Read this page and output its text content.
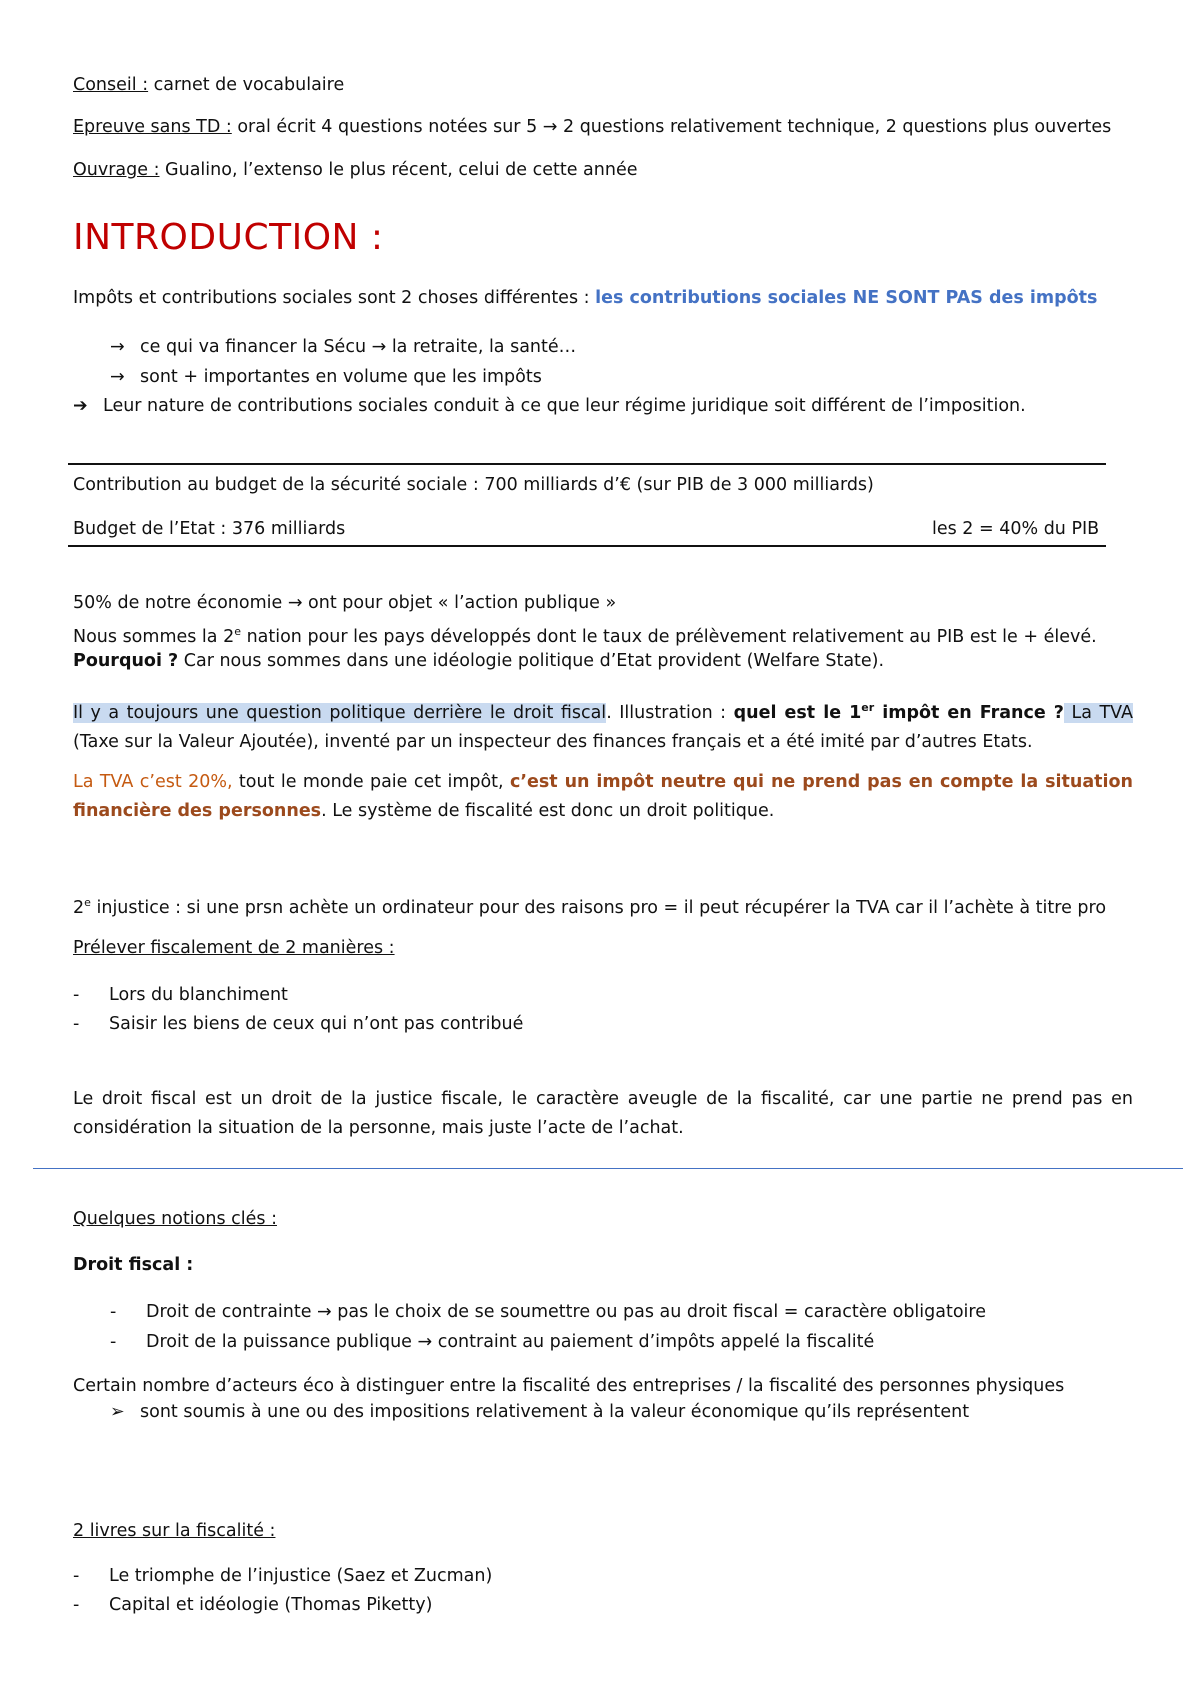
Conseil : carnet de vocabulaire
Epreuve sans TD : oral écrit 4 questions notées sur 5 → 2 questions relativement technique, 2 questions plus ouvertes
Ouvrage : Gualino, l’extenso le plus récent, celui de cette année
INTRODUCTION :
Impôts et contributions sociales sont 2 choses différentes : les contributions sociales NE SONT PAS des impôts
→ ce qui va financer la Sécu → la retraite, la santé…
→ sont + importantes en volume que les impôts
➔ Leur nature de contributions sociales conduit à ce que leur régime juridique soit différent de l’imposition.
Contribution au budget de la sécurité sociale : 700 milliards d’€ (sur PIB de 3 000 milliards)
Budget de l’Etat : 376 milliards	les 2 = 40% du PIB
50% de notre économie → ont pour objet « l’action publique »
Nous sommes la 2e nation pour les pays développés dont le taux de prélèvement relativement au PIB est le + élevé.
Pourquoi ? Car nous sommes dans une idéologie politique d’Etat provident (Welfare State).
Il y a toujours une question politique derrière le droit fiscal. Illustration : quel est le 1er impôt en France ? La TVA (Taxe sur la Valeur Ajoutée), inventé par un inspecteur des finances français et a été imité par d’autres Etats.
La TVA c’est 20%, tout le monde paie cet impôt, c’est un impôt neutre qui ne prend pas en compte la situation financière des personnes. Le système de fiscalité est donc un droit politique.
2e injustice : si une prsn achète un ordinateur pour des raisons pro = il peut récupérer la TVA car il l’achète à titre pro
Prélever fiscalement de 2 manières :
- Lors du blanchiment
- Saisir les biens de ceux qui n’ont pas contribué
Le droit fiscal est un droit de la justice fiscale, le caractère aveugle de la fiscalité, car une partie ne prend pas en considération la situation de la personne, mais juste l’acte de l’achat.
Quelques notions clés :
Droit fiscal :
- Droit de contrainte → pas le choix de se soumettre ou pas au droit fiscal = caractère obligatoire
- Droit de la puissance publique → contraint au paiement d’impôts appelé la fiscalité
Certain nombre d’acteurs éco à distinguer entre la fiscalité des entreprises / la fiscalité des personnes physiques
➢ sont soumis à une ou des impositions relativement à la valeur économique qu’ils représentent
2 livres sur la fiscalité :
- Le triomphe de l’injustice (Saez et Zucman)
- Capital et idéologie (Thomas Piketty)
